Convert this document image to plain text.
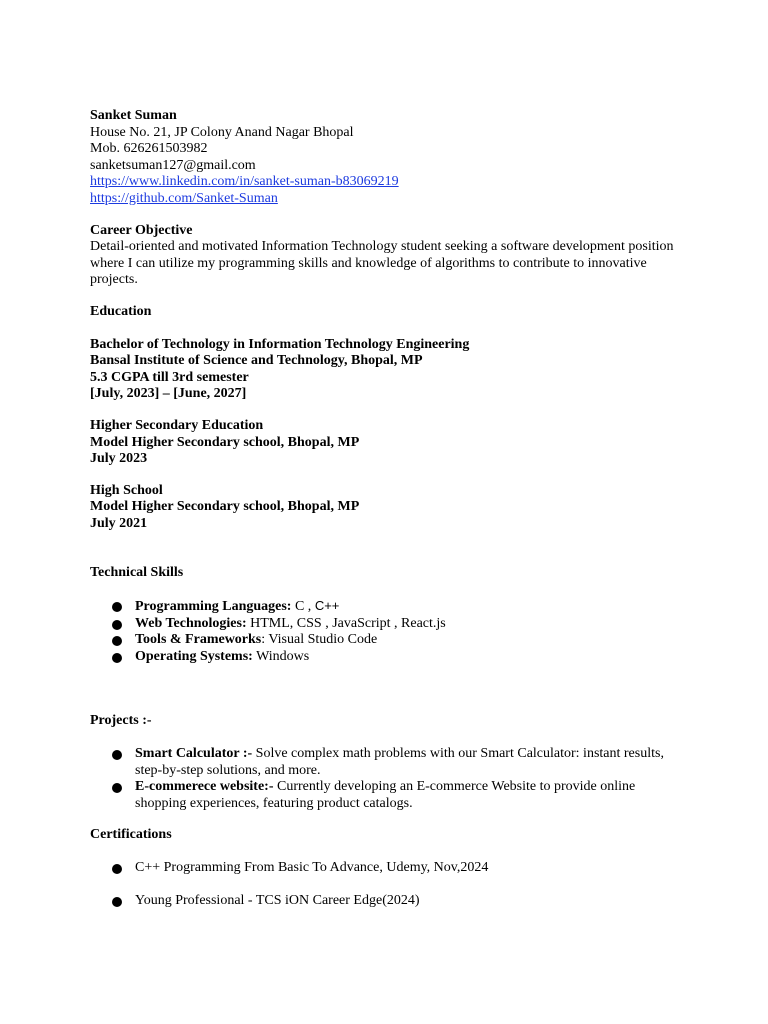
Sanket Suman
House No. 21, JP Colony Anand Nagar Bhopal
Mob. 626261503982
sanketsuman127@gmail.com
https://www.linkedin.com/in/sanket-suman-b83069219
https://github.com/Sanket-Suman
Career Objective
Detail-oriented and motivated Information Technology student seeking a software development position where I can utilize my programming skills and knowledge of algorithms to contribute to innovative projects.
Education
Bachelor of Technology in Information Technology Engineering
Bansal Institute of Science and Technology, Bhopal, MP
5.3 CGPA till 3rd semester
[July, 2023] – [June, 2027]
Higher Secondary Education
Model Higher Secondary school, Bhopal, MP
July 2023
High School
Model Higher Secondary school, Bhopal, MP
July 2021
Technical Skills
Programming Languages: C , C++
Web Technologies: HTML, CSS , JavaScript , React.js
Tools & Frameworks: Visual Studio Code
Operating Systems: Windows
Projects :-
Smart Calculator :- Solve complex math problems with our Smart Calculator: instant results, step-by-step solutions, and more.
E-commerece website:- Currently developing an E-commerce Website to provide online shopping experiences, featuring product catalogs.
Certifications
C++ Programming From Basic To Advance, Udemy, Nov,2024
Young Professional - TCS iON Career Edge(2024)
